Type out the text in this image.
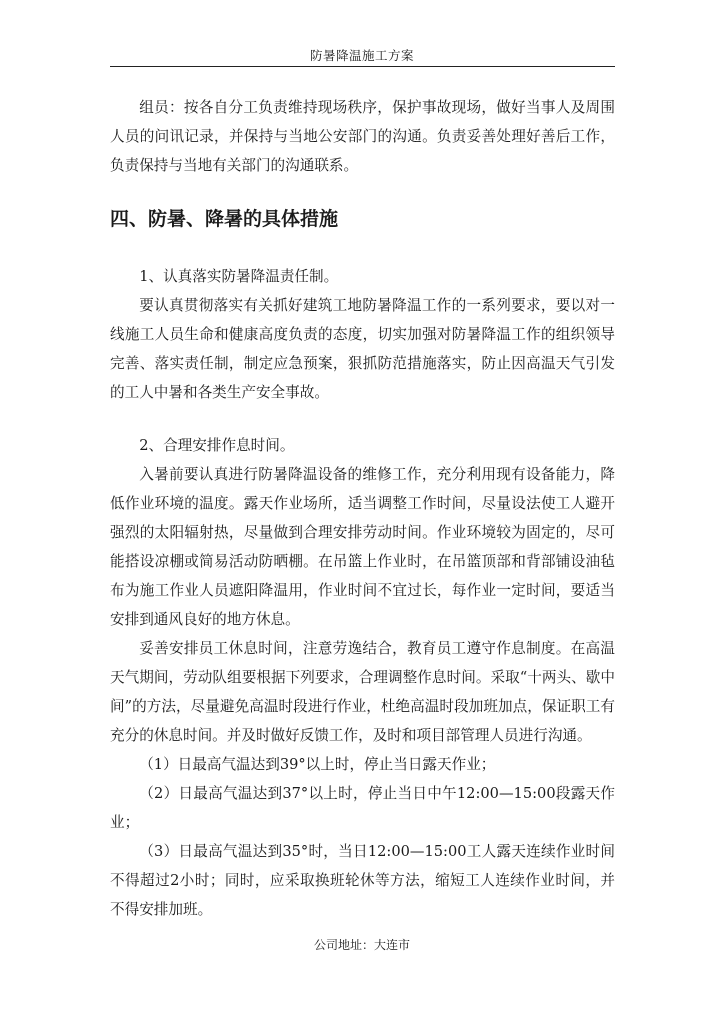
防暑降温施工方案

组员：按各自分工负责维持现场秩序，保护事故现场，做好当事人及周围人员的问讯记录，并保持与当地公安部门的沟通。负责妥善处理好善后工作，负责保持与当地有关部门的沟通联系。

四、防暑、降暑的具体措施

1、认真落实防暑降温责任制。

要认真贯彻落实有关抓好建筑工地防暑降温工作的一系列要求，要以对一线施工人员生命和健康高度负责的态度，切实加强对防暑降温工作的组织领导完善、落实责任制，制定应急预案，狠抓防范措施落实，防止因高温天气引发的工人中暑和各类生产安全事故。

2、合理安排作息时间。

入暑前要认真进行防暑降温设备的维修工作，充分利用现有设备能力，降低作业环境的温度。露天作业场所，适当调整工作时间，尽量设法使工人避开强烈的太阳辐射热，尽量做到合理安排劳动时间。作业环境较为固定的，尽可能搭设凉棚或简易活动防晒棚。在吊篮上作业时，在吊篮顶部和背部铺设油毡布为施工作业人员遮阳降温用，作业时间不宜过长，每作业一定时间，要适当安排到通风良好的地方休息。

妥善安排员工休息时间，注意劳逸结合，教育员工遵守作息制度。在高温天气期间，劳动队组要根据下列要求，合理调整作息时间。采取“十两头、歇中间”的方法，尽量避免高温时段进行作业，杜绝高温时段加班加点，保证职工有充分的休息时间。并及时做好反馈工作，及时和项目部管理人员进行沟通。

（1）日最高气温达到39°以上时，停止当日露天作业；

（2）日最高气温达到37°以上时，停止当日中午12:00—15:00段露天作业；

（3）日最高气温达到35°时，当日12:00—15:00工人露天连续作业时间不得超过2小时；同时，应采取换班轮休等方法，缩短工人连续作业时间，并不得安排加班。

公司地址：大连市
